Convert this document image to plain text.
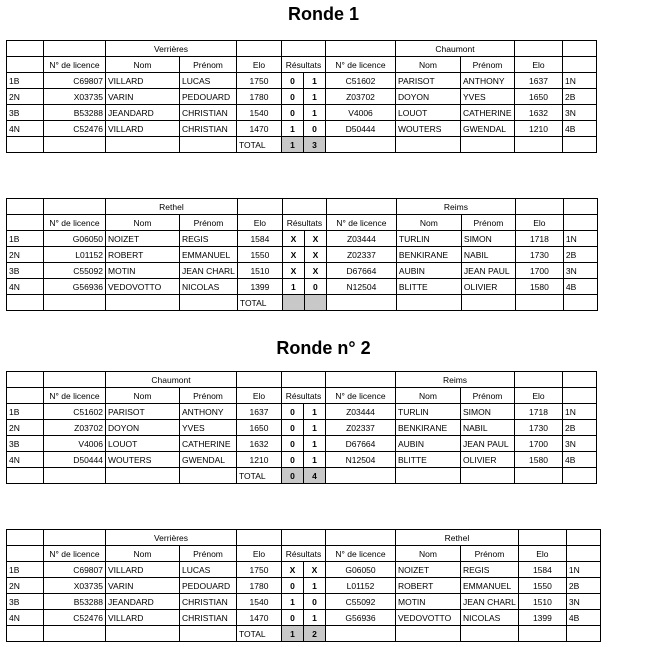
Ronde 1
Ronde n° 2
		Verrières						Chaumont			
	N° de licence	Nom	Prénom	Elo	Résultats		N° de licence	Nom	Prénom	Elo	
1B	C69807	VILLARD	LUCAS	1750	0	1	C51602	PARISOT	ANTHONY	1637	1N
2N	X03735	VARIN	PEDOUARD	1780	0	1	Z03702	DOYON	YVES	1650	2B
3B	B53288	JEANDARD	CHRISTIAN	1540	0	1	V4006	LOUOT	CATHERINE	1632	3N
4N	C52476	VILLARD	CHRISTIAN	1470	1	0	D50444	WOUTERS	GWENDAL	1210	4B
				TOTAL	1	3					
		Rethel						Reims			
	N° de licence	Nom	Prénom	Elo	Résultats		N° de licence	Nom	Prénom	Elo	
1B	G06050	NOIZET	REGIS	1584	X	X	Z03444	TURLIN	SIMON	1718	1N
2N	L01152	ROBERT	EMMANUEL	1550	X	X	Z02337	BENKIRANE	NABIL	1730	2B
3B	C55092	MOTIN	JEAN CHARL	1510	X	X	D67664	AUBIN	JEAN PAUL	1700	3N
4N	G56936	VEDOVOTTO	NICOLAS	1399	1	0	N12504	BLITTE	OLIVIER	1580	4B
				TOTAL							
		Chaumont						Reims			
	N° de licence	Nom	Prénom	Elo	Résultats		N° de licence	Nom	Prénom	Elo	
1B	C51602	PARISOT	ANTHONY	1637	0	1	Z03444	TURLIN	SIMON	1718	1N
2N	Z03702	DOYON	YVES	1650	0	1	Z02337	BENKIRANE	NABIL	1730	2B
3B	V4006	LOUOT	CATHERINE	1632	0	1	D67664	AUBIN	JEAN PAUL	1700	3N
4N	D50444	WOUTERS	GWENDAL	1210	0	1	N12504	BLITTE	OLIVIER	1580	4B
				TOTAL	0	4					
		Verrières						Rethel			
	N° de licence	Nom	Prénom	Elo	Résultats		N° de licence	Nom	Prénom	Elo	
1B	C69807	VILLARD	LUCAS	1750	X	X	G06050	NOIZET	REGIS	1584	1N
2N	X03735	VARIN	PEDOUARD	1780	0	1	L01152	ROBERT	EMMANUEL	1550	2B
3B	B53288	JEANDARD	CHRISTIAN	1540	1	0	C55092	MOTIN	JEAN CHARL	1510	3N
4N	C52476	VILLARD	CHRISTIAN	1470	0	1	G56936	VEDOVOTTO	NICOLAS	1399	4B
				TOTAL	1	2					
